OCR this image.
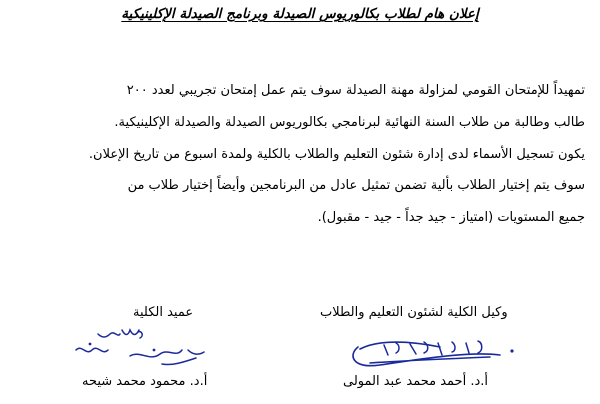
إعلان هام لطلاب بكالوريوس الصيدلة وبرنامج الصيدلة الإكلينيكية
تمهيداً للإمتحان القومي لمزاولة مهنة الصيدلة سوف يتم عمل إمتحان تجريبي لعدد ٢٠٠
طالب وطالبة من طلاب السنة النهائية لبرنامجي بكالوريوس الصيدلة والصيدلة الإكلينيكية.
يكون تسجيل الأسماء لدى إدارة شئون التعليم والطلاب بالكلية ولمدة اسبوع من تاريخ الإعلان.
سوف يتم إختيار الطلاب بألية تضمن تمثيل عادل من البرنامجين وأيضاً إختيار طلاب من
جميع المستويات (امتياز - جيد جداً - جيد - مقبول).
وكيل الكلية لشئون التعليم والطلاب
أ.د. أحمد محمد عبد المولى
عميد الكلية
أ.د. محمود محمد شيحه
